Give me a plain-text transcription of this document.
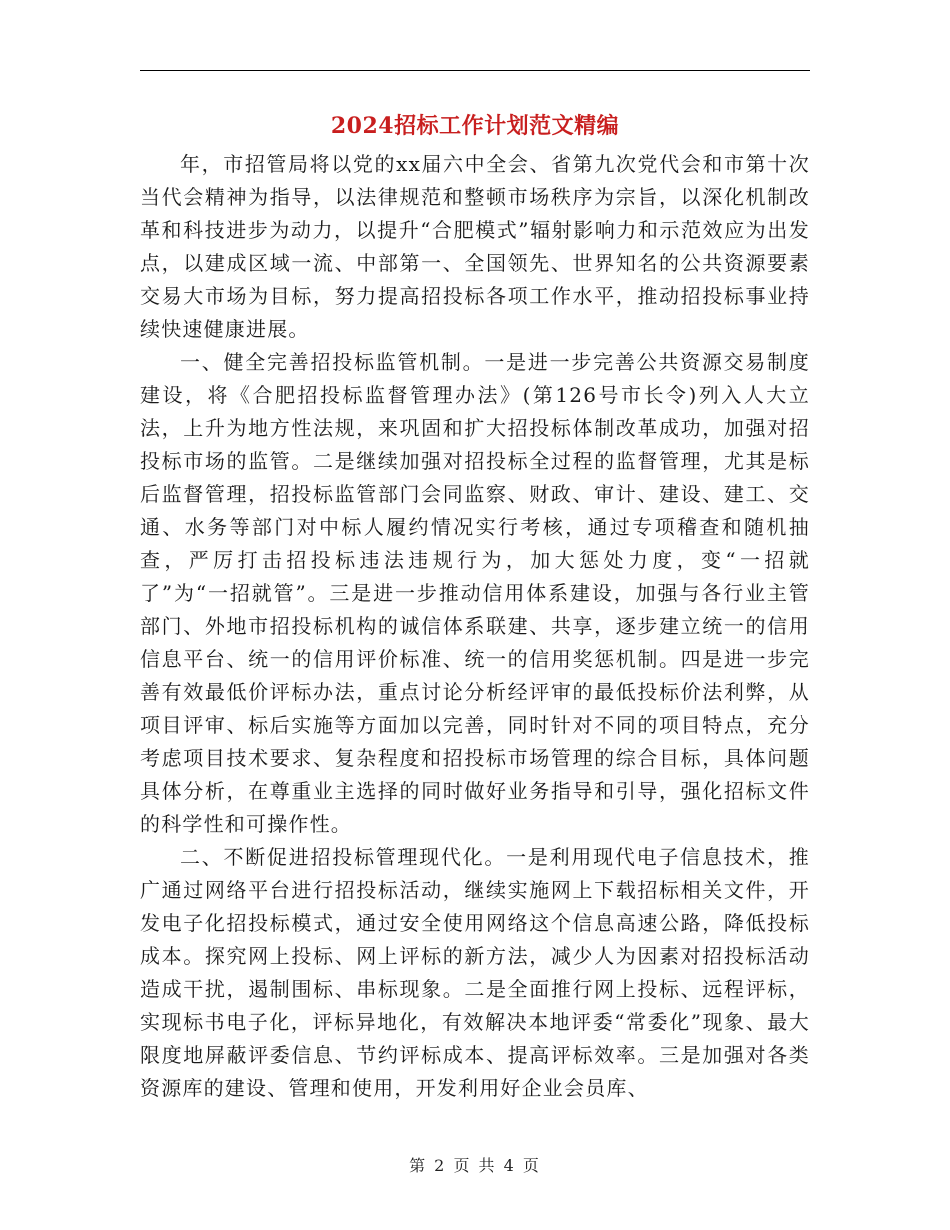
2024招标工作计划范文精编

年，市招管局将以党的xx届六中全会、省第九次党代会和市第十次当代会精神为指导，以法律规范和整顿市场秩序为宗旨，以深化机制改革和科技进步为动力，以提升“合肥模式”辐射影响力和示范效应为出发点，以建成区域一流、中部第一、全国领先、世界知名的公共资源要素交易大市场为目标，努力提高招投标各项工作水平，推动招投标事业持续快速健康进展。

一、健全完善招投标监管机制。一是进一步完善公共资源交易制度建设，将《合肥招投标监督管理办法》(第126号市长令)列入人大立法，上升为地方性法规，来巩固和扩大招投标体制改革成功，加强对招投标市场的监管。二是继续加强对招投标全过程的监督管理，尤其是标后监督管理，招投标监管部门会同监察、财政、审计、建设、建工、交通、水务等部门对中标人履约情况实行考核，通过专项稽查和随机抽查，严厉打击招投标违法违规行为，加大惩处力度，变“一招就了”为“一招就管”。三是进一步推动信用体系建设，加强与各行业主管部门、外地市招投标机构的诚信体系联建、共享，逐步建立统一的信用信息平台、统一的信用评价标准、统一的信用奖惩机制。四是进一步完善有效最低价评标办法，重点讨论分析经评审的最低投标价法利弊，从项目评审、标后实施等方面加以完善，同时针对不同的项目特点，充分考虑项目技术要求、复杂程度和招投标市场管理的综合目标，具体问题具体分析，在尊重业主选择的同时做好业务指导和引导，强化招标文件的科学性和可操作性。

二、不断促进招投标管理现代化。一是利用现代电子信息技术，推广通过网络平台进行招投标活动，继续实施网上下载招标相关文件，开发电子化招投标模式，通过安全使用网络这个信息高速公路，降低投标成本。探究网上投标、网上评标的新方法，减少人为因素对招投标活动造成干扰，遏制围标、串标现象。二是全面推行网上投标、远程评标，实现标书电子化，评标异地化，有效解决本地评委“常委化”现象、最大限度地屏蔽评委信息、节约评标成本、提高评标效率。三是加强对各类资源库的建设、管理和使用，开发利用好企业会员库、

第 2 页 共 4 页
